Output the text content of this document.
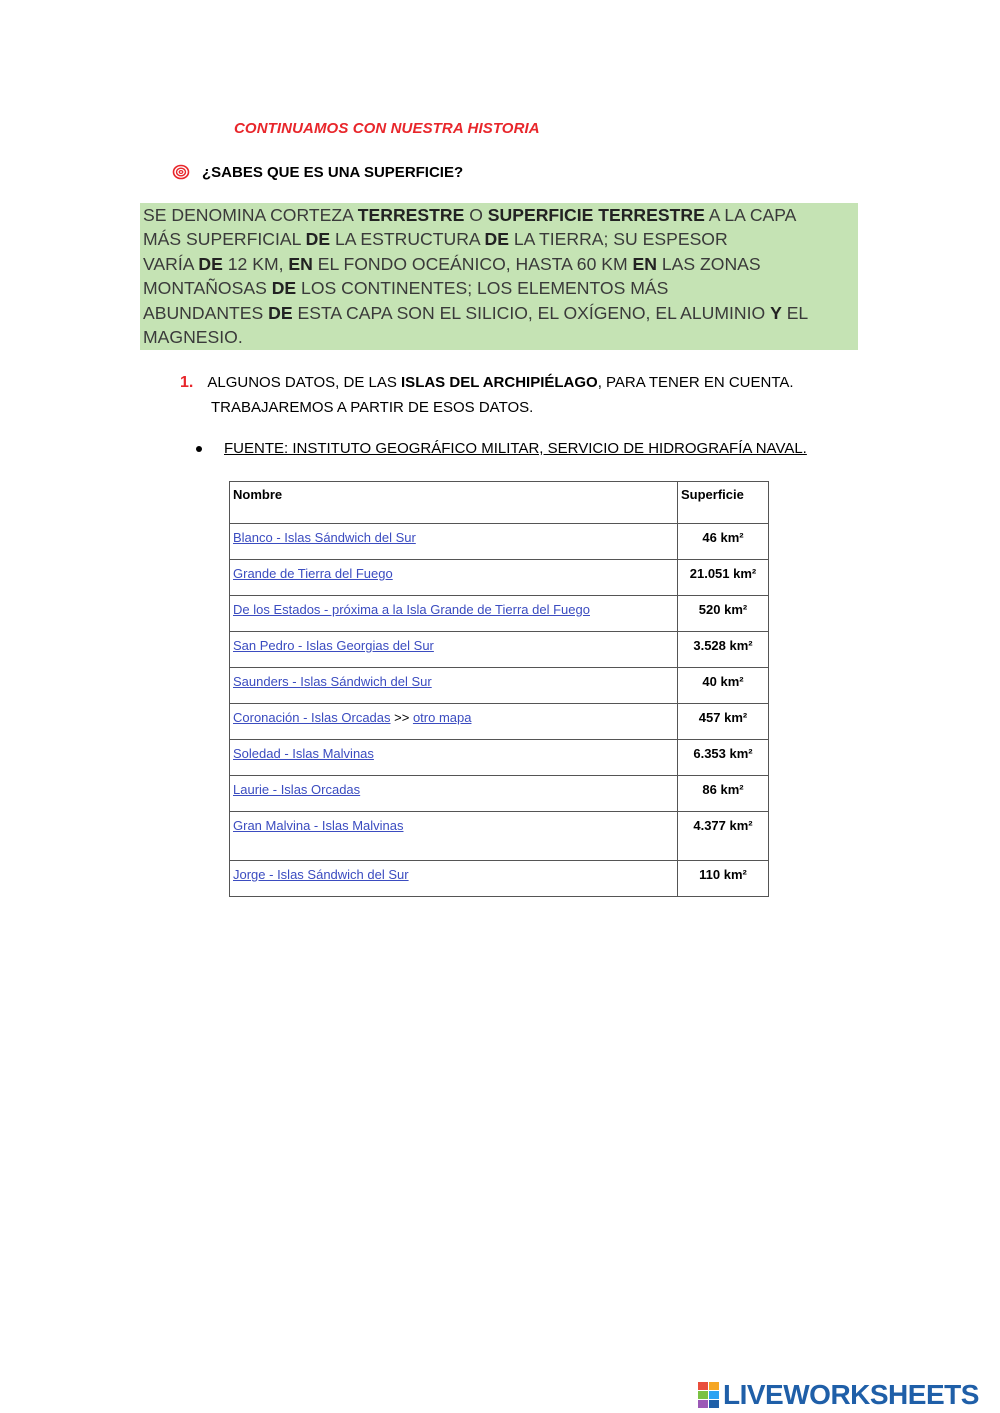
CONTINUAMOS CON NUESTRA HISTORIA
¿SABES QUE ES UNA SUPERFICIE?
SE DENOMINA CORTEZA TERRESTRE O SUPERFICIE TERRESTRE A LA CAPA
MÁS SUPERFICIAL DE LA ESTRUCTURA DE LA TIERRA; SU ESPESOR
VARÍA DE 12 KM, EN EL FONDO OCEÁNICO, HASTA 60 KM EN LAS ZONAS
MONTAÑOSAS DE LOS CONTINENTES; LOS ELEMENTOS MÁS
ABUNDANTES DE ESTA CAPA SON EL SILICIO, EL OXÍGENO, EL ALUMINIO Y EL
MAGNESIO.
1. ALGUNOS DATOS, DE LAS ISLAS DEL ARCHIPIÉLAGO, PARA TENER EN CUENTA.
TRABAJAREMOS A PARTIR DE ESOS DATOS.
FUENTE: INSTITUTO GEOGRÁFICO MILITAR, SERVICIO DE HIDROGRAFÍA NAVAL.
Nombre	Superficie
Blanco - Islas Sándwich del Sur	46 km²
Grande de Tierra del Fuego	21.051 km²
De los Estados - próxima a la Isla Grande de Tierra del Fuego	520 km²
San Pedro - Islas Georgias del Sur	3.528 km²
Saunders - Islas Sándwich del Sur	40 km²
Coronación - Islas Orcadas >> otro mapa	457 km²
Soledad - Islas Malvinas	6.353 km²
Laurie - Islas Orcadas	86 km²
Gran Malvina - Islas Malvinas	4.377 km²
Jorge - Islas Sándwich del Sur	110 km²
LIVEWORKSHEETS
